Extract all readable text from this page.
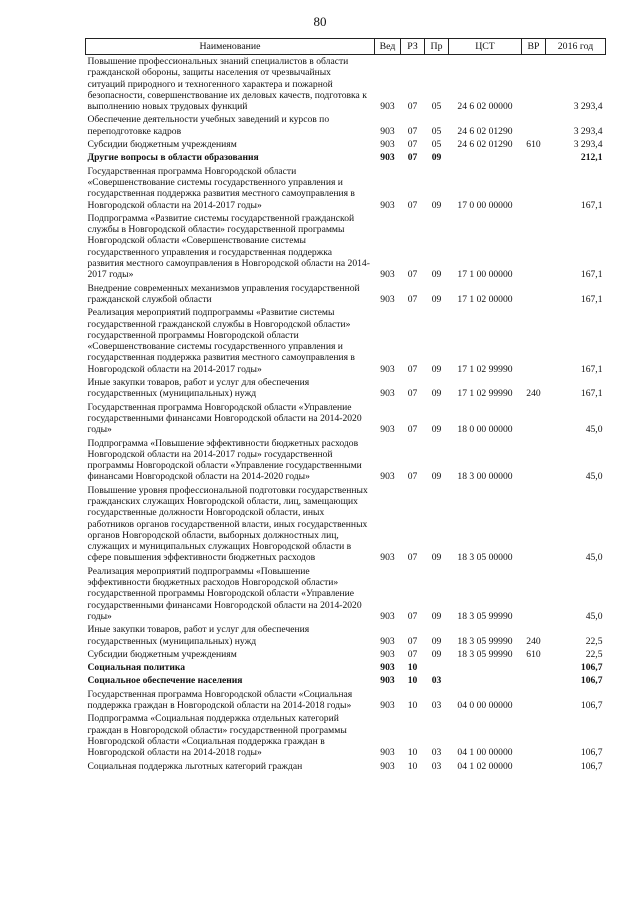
80
Наименование	Вед	РЗ	Пр	ЦСТ	ВР	2016 год
Повышение профессиональных знаний специалистов в области гражданской обороны, защиты населения от чрезвычайных ситуаций природного и техногенного характера и пожарной безопасности, совершенствование их деловых качеств, подготовка к выполнению новых трудовых функций	903	07	05	24 6 02 00000		3 293,4
Обеспечение деятельности учебных заведений и курсов по переподготовке кадров	903	07	05	24 6 02 01290		3 293,4
Субсидии бюджетным учреждениям	903	07	05	24 6 02 01290	610	3 293,4
Другие вопросы в области образования	903	07	09			212,1
Государственная программа Новгородской области «Совершенствование системы государственного управления и государственная поддержка развития местного самоуправления в Новгородской области на 2014-2017 годы»	903	07	09	17 0 00 00000		167,1
Подпрограмма «Развитие системы государственной гражданской службы в Новгородской области» государственной программы Новгородской области «Совершенствование системы государственного управления и государственная поддержка развития местного самоуправления в Новгородской области на 2014-2017 годы»	903	07	09	17 1 00 00000		167,1
Внедрение современных механизмов управления государственной гражданской службой области	903	07	09	17 1 02 00000		167,1
Реализация мероприятий подпрограммы «Развитие системы государственной гражданской службы в Новгородской области» государственной программы Новгородской области «Совершенствование системы государственного управления и государственная поддержка развития местного самоуправления в Новгородской области на 2014-2017 годы»	903	07	09	17 1 02 99990		167,1
Иные закупки товаров, работ и услуг для обеспечения государственных (муниципальных) нужд	903	07	09	17 1 02 99990	240	167,1
Государственная программа Новгородской области «Управление государственными финансами Новгородской области на 2014-2020 годы»	903	07	09	18 0 00 00000		45,0
Подпрограмма «Повышение эффективности бюджетных расходов Новгородской области на 2014-2017 годы» государственной программы Новгородской области «Управление государственными финансами Новгородской области на 2014-2020 годы»	903	07	09	18 3 00 00000		45,0
Повышение уровня профессиональной подготовки государственных гражданских служащих Новгородской области, лиц, замещающих государственные должности Новгородской области, иных работников органов государственной власти, иных государственных органов Новгородской области, выборных должностных лиц, служащих и муниципальных служащих Новгородской области в сфере повышения эффективности бюджетных расходов	903	07	09	18 3 05 00000		45,0
Реализация мероприятий подпрограммы «Повышение эффективности бюджетных расходов Новгородской области» государственной программы Новгородской области «Управление государственными финансами Новгородской области на 2014-2020 годы»	903	07	09	18 3 05 99990		45,0
Иные закупки товаров, работ и услуг для обеспечения государственных (муниципальных) нужд	903	07	09	18 3 05 99990	240	22,5
Субсидии бюджетным учреждениям	903	07	09	18 3 05 99990	610	22,5
Социальная политика	903	10				106,7
Социальное обеспечение населения	903	10	03			106,7
Государственная программа Новгородской области «Социальная поддержка граждан в Новгородской области на 2014-2018 годы»	903	10	03	04 0 00 00000		106,7
Подпрограмма «Социальная поддержка отдельных категорий граждан в Новгородской области» государственной программы Новгородской области «Социальная поддержка граждан в Новгородской области на 2014-2018 годы»	903	10	03	04 1 00 00000		106,7
Социальная поддержка льготных категорий граждан	903	10	03	04 1 02 00000		106,7
